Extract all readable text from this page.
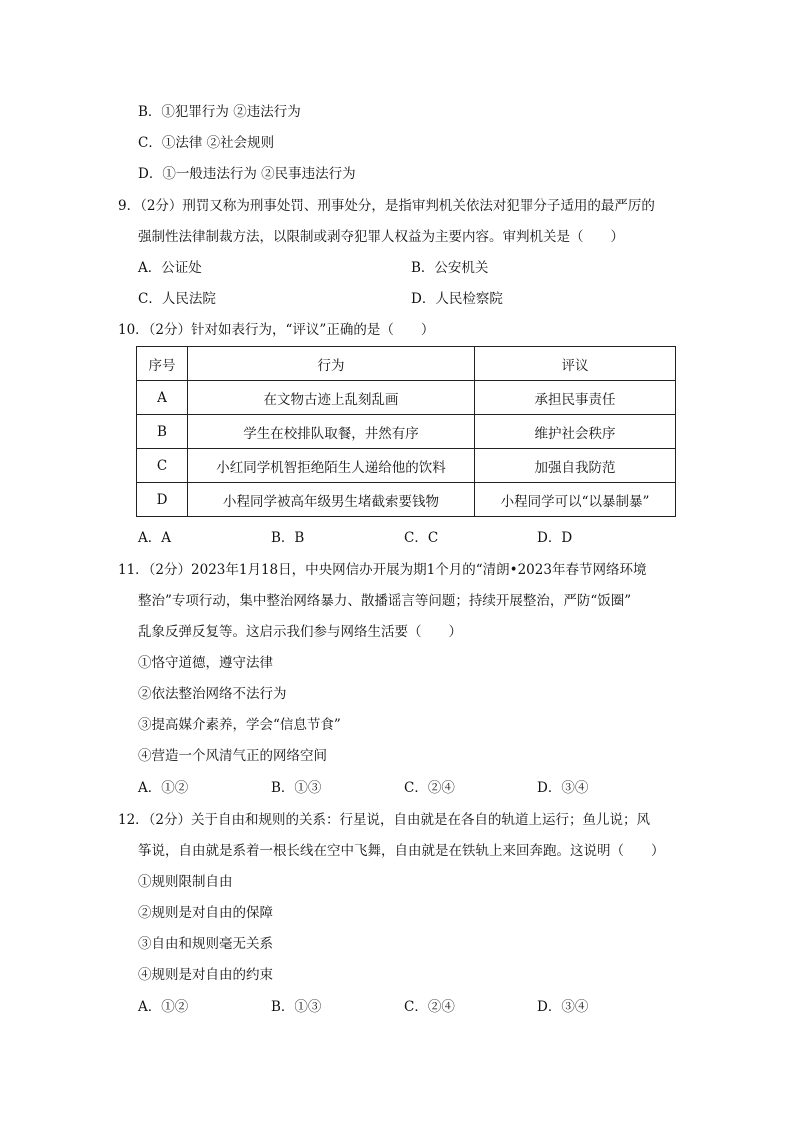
B．①犯罪行为 ②违法行为
C．①法律 ②社会规则
D．①一般违法行为 ②民事违法行为
9．（2分）刑罚又称为刑事处罚、刑事处分，是指审判机关依法对犯罪分子适用的最严厉的
强制性法律制裁方法，以限制或剥夺犯罪人权益为主要内容。审判机关是（　　）
A．公证处	B．公安机关
C．人民法院	D．人民检察院
10．（2分）针对如表行为，“评议”正确的是（　　）
序号	行为	评议
A	在文物古迹上乱刻乱画	承担民事责任
B	学生在校排队取餐，井然有序	维护社会秩序
C	小红同学机智拒绝陌生人递给他的饮料	加强自我防范
D	小程同学被高年级男生堵截索要钱物	小程同学可以“以暴制暴”
A．A	B．B	C．C	D．D
11．（2分）2023年1月18日，中央网信办开展为期1个月的“清朗•2023年春节网络环境
整治”专项行动，集中整治网络暴力、散播谣言等问题；持续开展整治，严防“饭圈”
乱象反弹反复等。这启示我们参与网络生活要（　　）
①恪守道德，遵守法律
②依法整治网络不法行为
③提高媒介素养，学会“信息节食”
④营造一个风清气正的网络空间
A．①②	B．①③	C．②④	D．③④
12．（2分）关于自由和规则的关系：行星说，自由就是在各自的轨道上运行；鱼儿说；风
筝说，自由就是系着一根长线在空中飞舞，自由就是在铁轨上来回奔跑。这说明（　　）
①规则限制自由
②规则是对自由的保障
③自由和规则毫无关系
④规则是对自由的约束
A．①②	B．①③	C．②④	D．③④
